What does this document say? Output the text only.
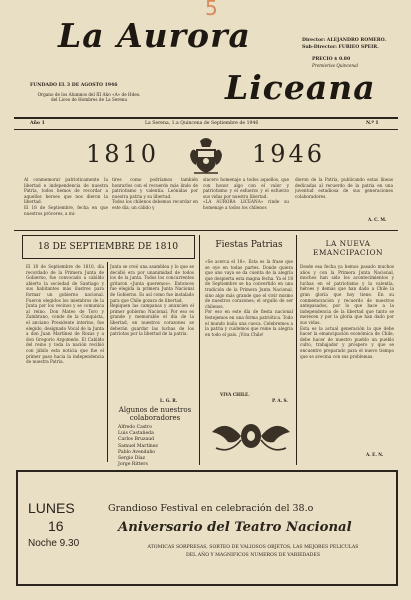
5
La Aurora
Liceana
FUNDADO EL 3 DE AGOSTO 1946
Organo de los Alumnos del III Año «A» de Hdes. del Liceo de Hombres de La Serena
Director: ALEJANDRO ROMERO.
Sub-Director: FURIEO SPEIR.
PRECIO $ 0.80
Premierise Quincenal
Año 1	La Serena, 1.a Quincena de Septiembre de 1946	N.º 1
1810	1946
Al conmemorar patrioticamente la libertad e independencia de nuestra Patria, todos hemos de recordar a aquellos heroes que nos dieron la libertad.
El 18 de Septiembre, fecha en que nuestros próceres, a mi-
tires como podríamos también honrarlos con el recuerdo más lindo de patriotismo y valentía. Leónidas por nuestra patria y su libertad.
Todos los chilenos debemos recordar en este día, un cálido y
sincero homenaje a todos aquellos, que con honor algo con el valor y patriotismo y el esfuerzo y el esfuerzo sus vidas por nuestra libertad.
«LA AURORA LICEANA» rinde su homenaje a todos los chilenos
dieron de la Patria, publicando estas líneas dedicadas al recuerdo de la patria en una juventud estudiosa de sus generaciones colaboradores.
A. C. M.
18 DE SEPTIEMBRE DE 1810
El 18 de Septiembre de 1810, día recordado de la Primera Junta de Gobierno, fue convocado a cabildo abierto la sociedad de Santiago y sus habitantes más ilustres para formar un gobierno nacional. Fueron elegidos los miembros de la Junta por los vecinos y se comunica al reino. Don Mateo de Toro y Zambrano, conde de la Conquista, el anciano Presidente interino, fue elegido, designado Vocal de la Junta a don Juan Martínez de Rozas y a don Gregorio Argomedo. El Cabildo del reino y toda la nación recibió con júbilo esta noticia que fue el primer paso hacia la independencia de nuestra Patria.
Junta se creó una asamblea y lo que se decidió era por unanimidad de todos los de la junta. Todos los concurrentes gritaron «Junta queremos». Entonces fue elegida la primera Junta Nacional de Gobierno. Es así como fue instalado para que Chile gozara de libertad.
Repiquen las campanas y anuncien el primer gobierno Nacional. Por eso es grande y memorable el día de la libertad, en nuestros corazones se deberán guardar las luchas de los patriotas por la libertad de la patria.
L. G. R.
Algunos de nuestros colaboradores
Alfredo Castro
Luis Castañeda
Carlos Bruzaud
Samuel Martínez
Pablo Avendaño
Sergio Díaz
Jorge Ritters
Fiestas Patrias
«Se acerca el 18». Esta es la frase que se oye en todas partes. Donde quiera que uno vaya se da cuenta de la alegría que despierta esta magna fecha. Ya el 18 de Septiembre se ha convertido en una tradición de la Primera Junta Nacional, sino algo más grande que el vivir mismo de nuestros corazones; el orgullo de ser chilenos.
Por eso en este día de fiesta nacional festejemos en una forma patriótica. Todo el mundo baila una cueca. Celebremos a la patria y cuidemos que reine la alegría en todo el país. ¡Viva Chile!
VIVA CHILE.
P. A. S.
LA NUEVA EMANCIPACION
Desde esa fecha ya hemos pasado muchos años y con la Primera Junta Nacional, muchos han sido los acontecimientos y luchas en el patriotismo y la valentía, héroes y demás que han dado a Chile la gran gloria que hoy tiene. En su conmemoración y recuerdo de nuestros antepasados, por lo que hace a la independencia de la libertad que tanto se merecen y por la gloria que han dado por sus vidas.
Esta es la actual generación la que debe hacer la emancipación económica de Chile, debe hacer de nuestro pueblo un pueblo culto, trabajador y próspero y que se encuentre preparado para el nuevo tiempo que se avecina con sus problemas.
A. E. N.
LUNES
16
Noche 9.30
Grandioso Festival en celebración del 38.o
Aniversario del Teatro Nacional
ATOMICAS SORPRESAS, SORTEO DE VALIOSOS OBJETOS, LAS MEJORES PELICULAS
DEL AÑO Y MAGNIFICOS NUMEROS DE VARIEDADES
